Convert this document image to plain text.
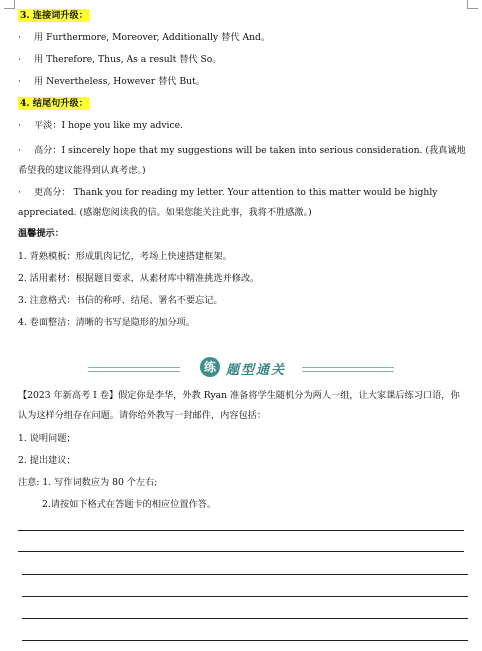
3. 连接词升级：
· 用 Furthermore, Moreover, Additionally 替代 And。
· 用 Therefore, Thus, As a result 替代 So。
· 用 Nevertheless, However 替代 But。
4. 结尾句升级：
· 平淡：I hope you like my advice.
· 高分：I sincerely hope that my suggestions will be taken into serious consideration. (我真诚地希望我的建议能得到认真考虑。)
· 更高分： Thank you for reading my letter. Your attention to this matter would be highly appreciated. (感谢您阅读我的信。如果您能关注此事，我将不胜感激。)
温馨提示：
1. 背熟模板：形成肌肉记忆，考场上快速搭建框架。
2. 活用素材：根据题目要求，从素材库中精准挑选并修改。
3. 注意格式：书信的称呼、结尾、署名不要忘记。
4. 卷面整洁：清晰的书写是隐形的加分项。
练 题型通关
【2023 年新高考 I 卷】假定你是李华，外教 Ryan 准备将学生随机分为两人一组，让大家课后练习口语，你认为这样分组存在问题。请你给外教写一封邮件，内容包括：
1. 说明问题；
2. 提出建议；
注意: 1. 写作词数应为 80 个左右;
2.请按如下格式在答题卡的相应位置作答。
